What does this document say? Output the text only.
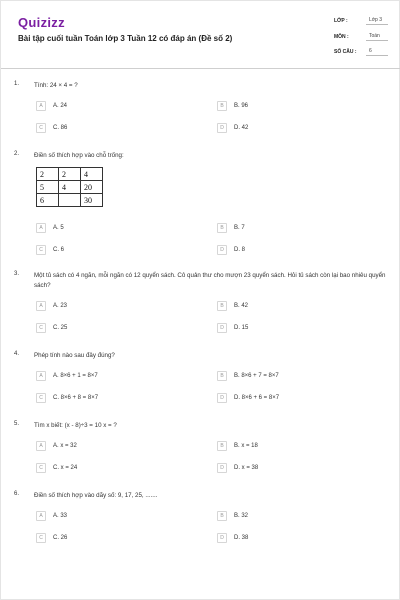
Quizizz
Bài tập cuối tuần Toán lớp 3 Tuần 12 có đáp án (Đề số 2)
LỚP :	Lớp 3
MÔN :	Toán
SỐ CÂU :	6
1. Tính: 24 × 4 = ?
A	A. 24	B	B. 96
C	C. 86	D	D. 42
2. Điền số thích hợp vào chỗ trống:
2	2	4
5	4	20
6		30
A	A. 5	B	B. 7
C	C. 6	D	D. 8
3. Một tủ sách có 4 ngăn, mỗi ngăn có 12 quyển sách. Cô quản thư cho mượn 23 quyển sách. Hỏi tủ sách còn lại bao nhiêu quyển sách?
A	A. 23	B	B. 42
C	C. 25	D	D. 15
4. Phép tính nào sau đây đúng?
A	A. 8×6 + 1 = 8×7	B	B. 8×6 + 7 = 8×7
C	C. 8×6 + 8 = 8×7	D	D. 8×6 + 6 = 8×7
5. Tìm x biết: (x - 8)÷3 = 10 x = ?
A	A. x = 32	B	B. x = 18
C	C. x = 24	D	D. x = 38
6. Điền số thích hợp vào dãy số: 9, 17, 25, .......
A	A. 33	B	B. 32
C	C. 26	D	D. 38
